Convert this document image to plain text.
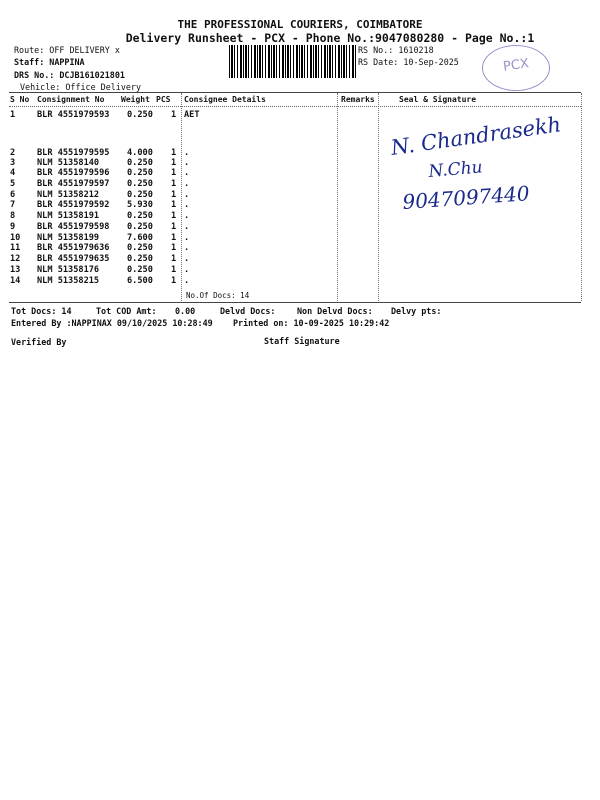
THE PROFESSIONAL COURIERS, COIMBATORE
Delivery Runsheet - PCX - Phone No.:9047080280 - Page No.:1
Route: OFF DELIVERY x
Staff: NAPPINA
DRS No.: DCJB161021801
Vehicle: Office Delivery
RS No.: 1610218
RS Date: 10-Sep-2025	PCX
S No Consignment No Weight PCS Consignee Details	Remarks	Seal & Signature
1	BLR 4551979593 0.250 1 AET
2	BLR 4551979595 4.000 1 .
3	NLM 51358140	0.250 1 .
4	BLR 4551979596 0.250 1 .
5	BLR 4551979597 0.250 1 .
6	NLM 51358212	0.250 1 .
7	BLR 4551979592 5.930 1 .
8	NLM 51358191	0.250 1 .
9	BLR 4551979598 0.250 1 .
10 NLM 51358199	7.600 1 .
11 BLR 4551979636 0.250 1 .
12 BLR 4551979635 0.250 1 .
13 NLM 51358176	0.250 1 .
14 NLM 51358215	6.500 1 .
No.Of Docs: 14
N. Chandrasekh
N.Chu
9047097440
Tot Docs: 14	Tot COD Amt: 0.00	Delvd Docs:	Non Delvd Docs: Delvy pts:
Entered By :NAPPINAX 09/10/2025 10:28:49 Printed on: 10-09-2025 10:29:42
Verified By	Staff Signature
